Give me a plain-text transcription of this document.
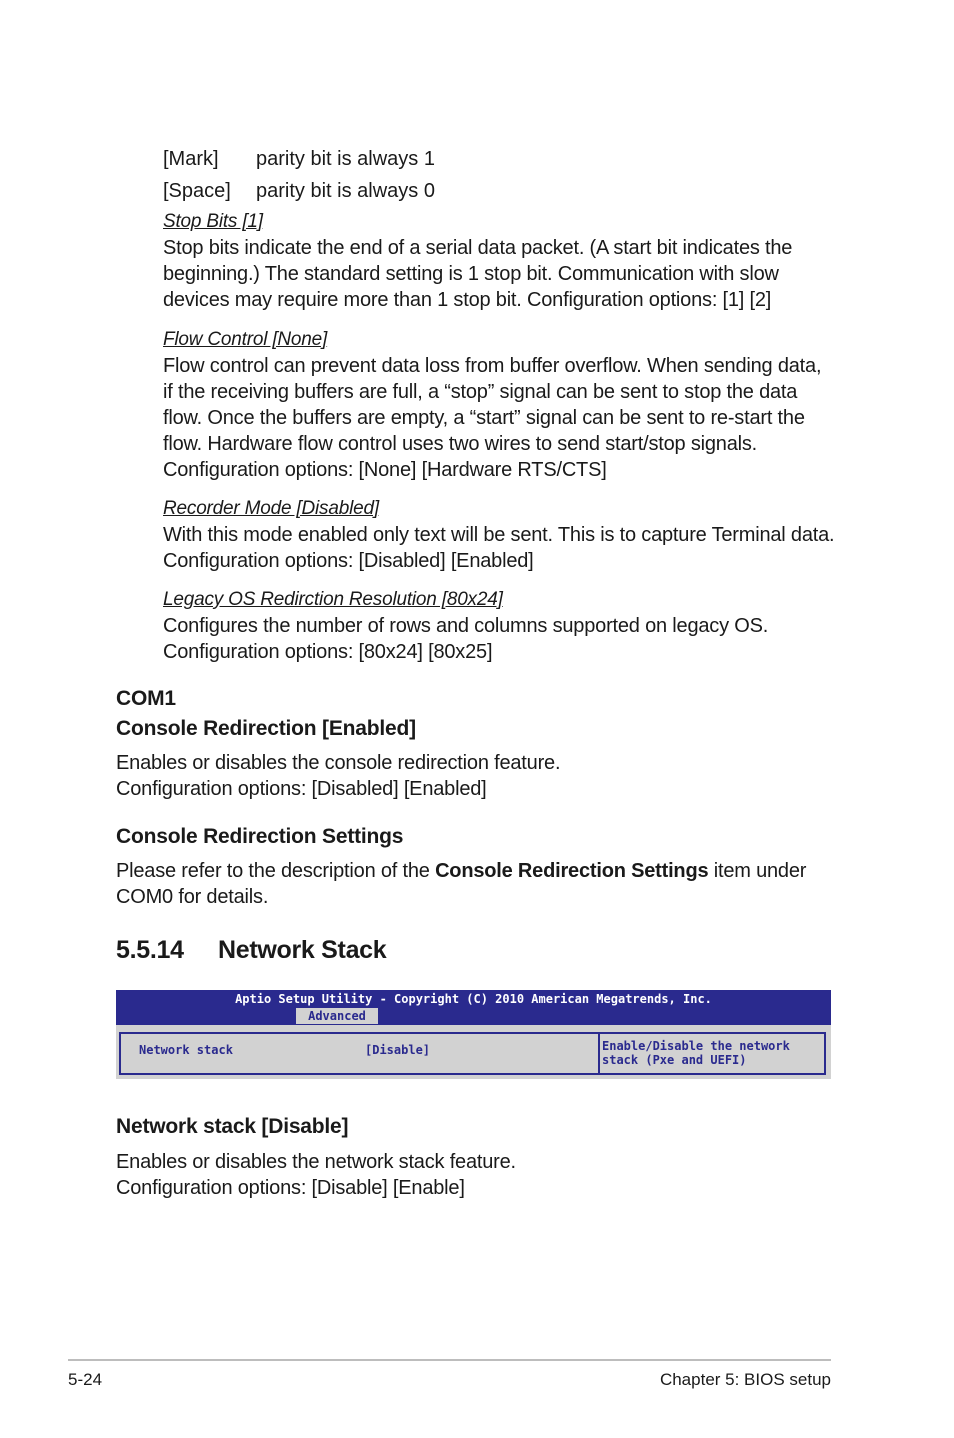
[Mark] parity bit is always 1
[Space] parity bit is always 0
Stop Bits [1]
Stop bits indicate the end of a serial data packet. (A start bit indicates the
beginning.) The standard setting is 1 stop bit. Communication with slow
devices may require more than 1 stop bit. Configuration options: [1] [2]
Flow Control [None]
Flow control can prevent data loss from buffer overflow. When sending data,
if the receiving buffers are full, a “stop” signal can be sent to stop the data
flow. Once the buffers are empty, a “start” signal can be sent to re-start the
flow. Hardware flow control uses two wires to send start/stop signals.
Configuration options: [None] [Hardware RTS/CTS]
Recorder Mode [Disabled]
With this mode enabled only text will be sent. This is to capture Terminal data.
Configuration options: [Disabled] [Enabled]
Legacy OS Redirction Resolution [80x24]
Configures the number of rows and columns supported on legacy OS.
Configuration options: [80x24] [80x25]
COM1
Console Redirection [Enabled]
Enables or disables the console redirection feature.
Configuration options: [Disabled] [Enabled]
Console Redirection Settings
Please refer to the description of the Console Redirection Settings item under
COM0 for details.
5.5.14 Network Stack
Aptio Setup Utility - Copyright (C) 2010 American Megatrends, Inc.
Advanced
Network stack	[Disable]	Enable/Disable the network
stack (Pxe and UEFI)
Network stack [Disable]
Enables or disables the network stack feature.
Configuration options: [Disable] [Enable]
5-24	Chapter 5: BIOS setup
